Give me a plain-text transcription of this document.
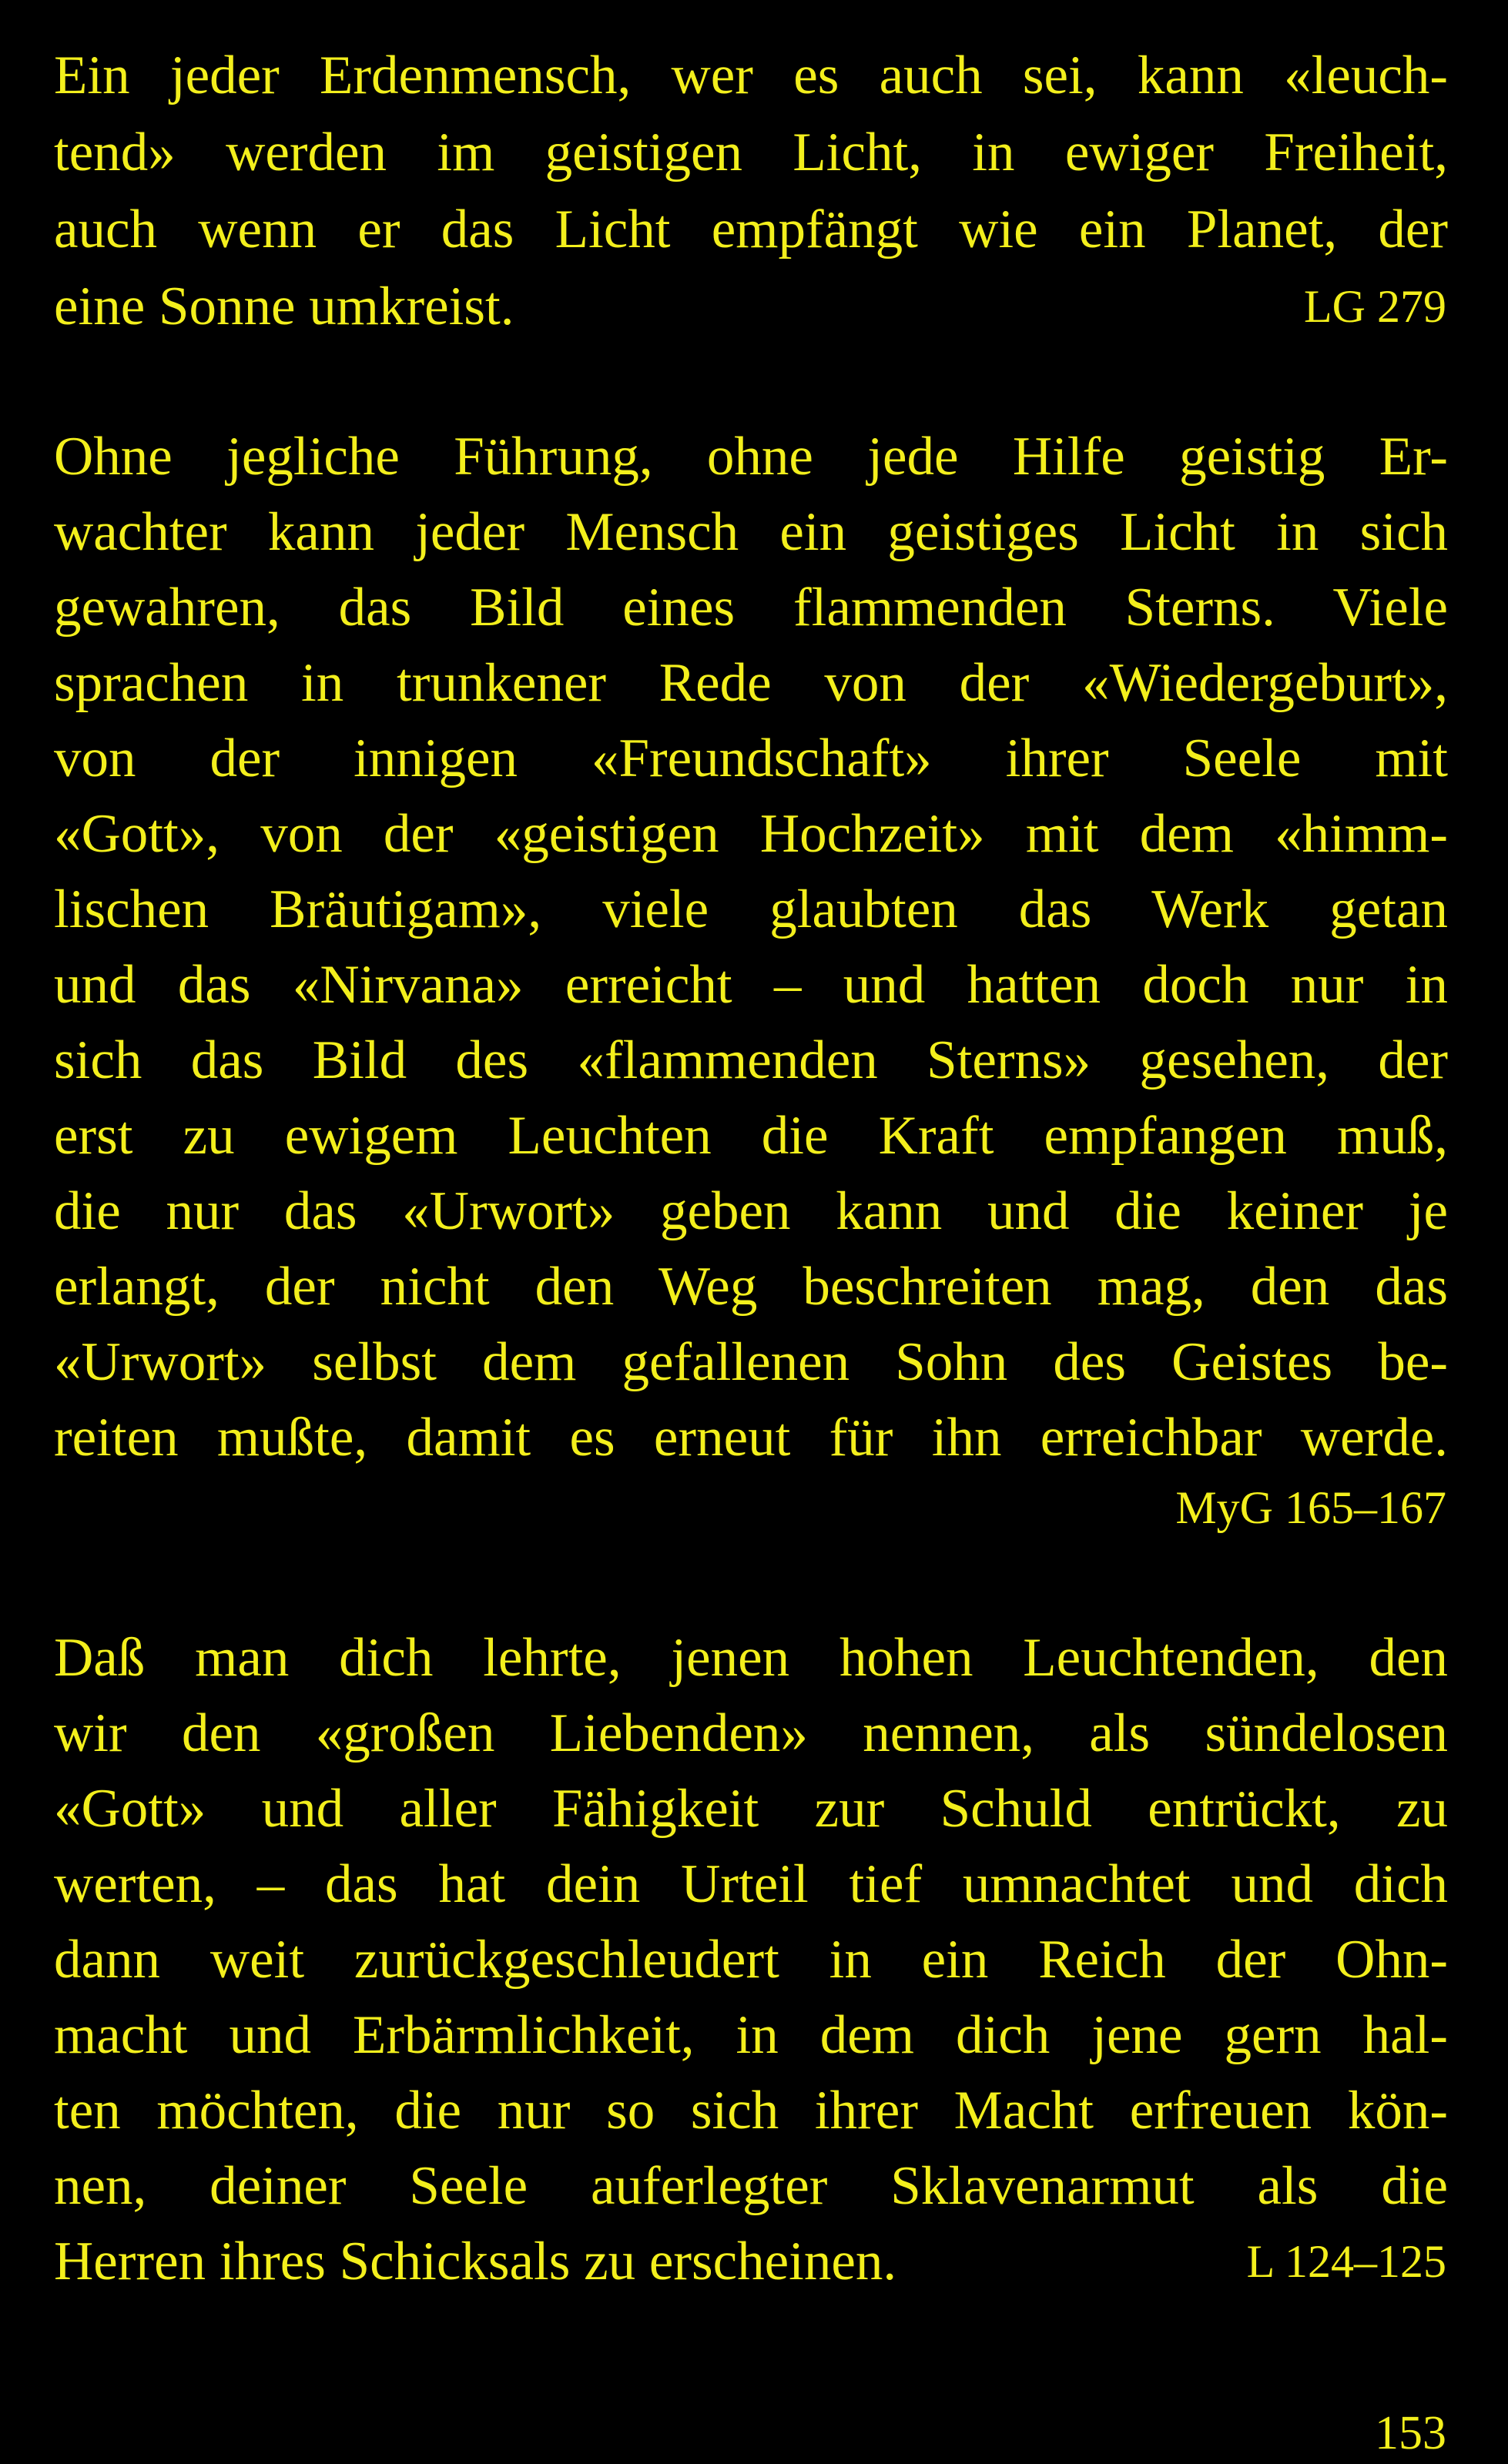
Ein jeder Erdenmensch, wer es auch sei, kann «leuch-
tend» werden im geistigen Licht, in ewiger Freiheit,
auch wenn er das Licht empfängt wie ein Planet, der
eine Sonne umkreist.	LG 279
Ohne jegliche Führung, ohne jede Hilfe geistig Er-
wachter kann jeder Mensch ein geistiges Licht in sich
gewahren, das Bild eines flammenden Sterns. Viele
sprachen in trunkener Rede von der «Wiedergeburt»,
von der innigen «Freundschaft» ihrer Seele mit
«Gott», von der «geistigen Hochzeit» mit dem «himm-
lischen Bräutigam», viele glaubten das Werk getan
und das «Nirvana» erreicht – und hatten doch nur in
sich das Bild des «flammenden Sterns» gesehen, der
erst zu ewigem Leuchten die Kraft empfangen muß,
die nur das «Urwort» geben kann und die keiner je
erlangt, der nicht den Weg beschreiten mag, den das
«Urwort» selbst dem gefallenen Sohn des Geistes be-
reiten mußte, damit es erneut für ihn erreichbar werde.
MyG 165–167
Daß man dich lehrte, jenen hohen Leuchtenden, den
wir den «großen Liebenden» nennen, als sündelosen
«Gott» und aller Fähigkeit zur Schuld entrückt, zu
werten, – das hat dein Urteil tief umnachtet und dich
dann weit zurückgeschleudert in ein Reich der Ohn-
macht und Erbärmlichkeit, in dem dich jene gern hal-
ten möchten, die nur so sich ihrer Macht erfreuen kön-
nen, deiner Seele auferlegter Sklavenarmut als die
Herren ihres Schicksals zu erscheinen.	L 124–125
153
